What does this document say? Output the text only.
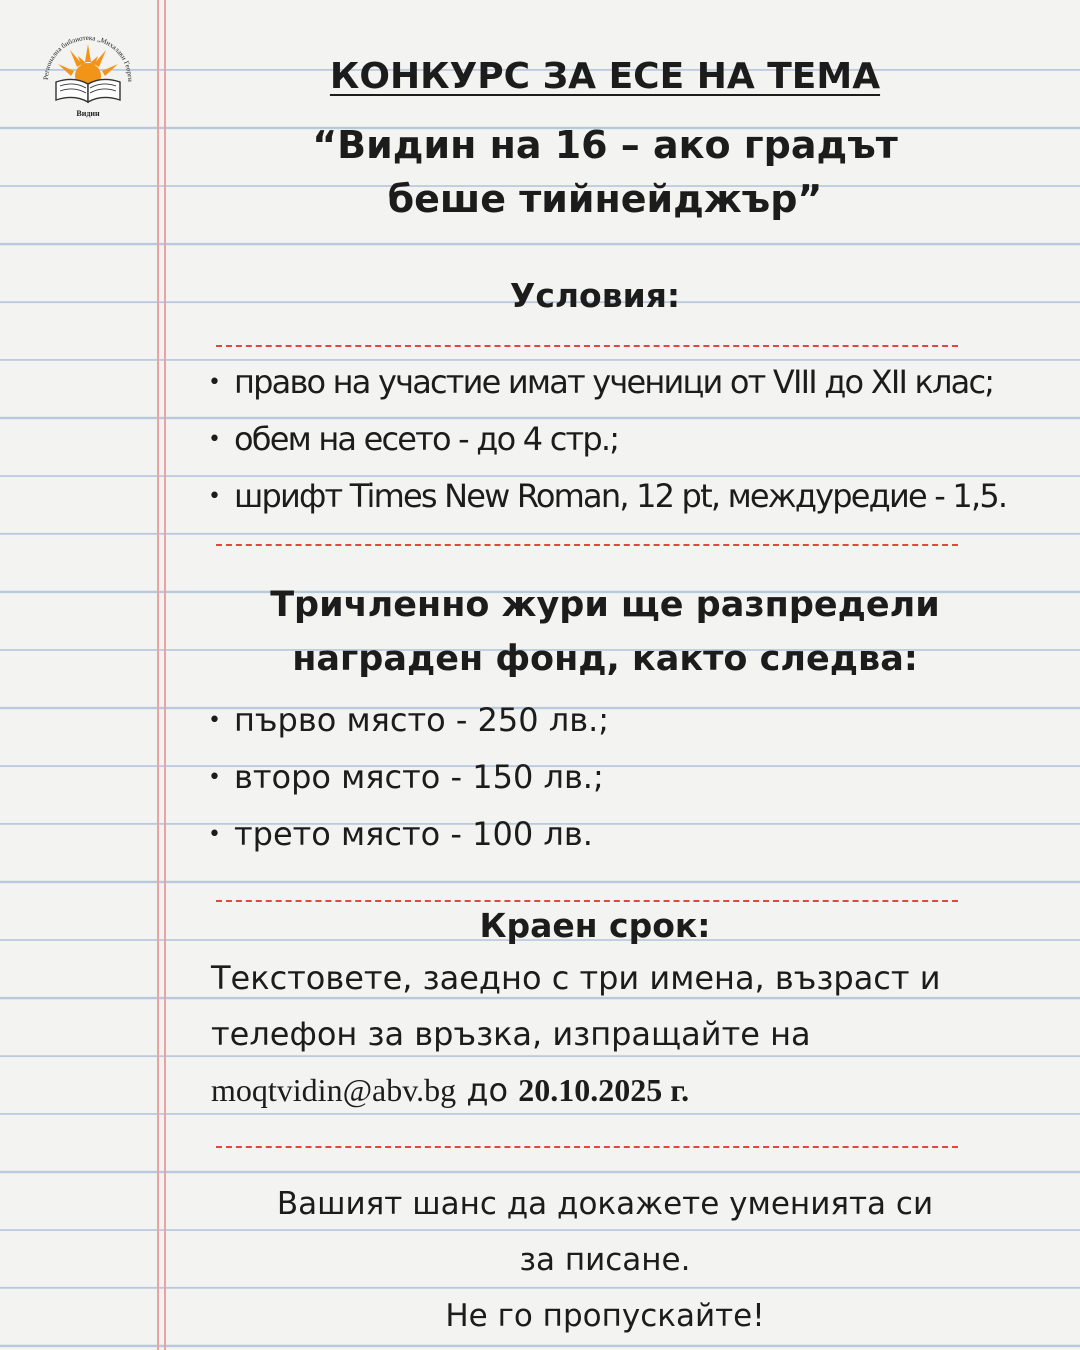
Регионална библиотека „Михалаки Георги
Видин
КОНКУРС ЗА ЕСЕ НА ТЕМА
“Видин на 16 – ако градът
беше тийнейджър”
Условия:
• право на участие имат ученици от VIII до XII клас;
• обем на есето - до 4 стр.;
• шрифт Times New Roman, 12 pt, междуредие - 1,5.
Тричленно жури ще разпредели
награден фонд, както следва:
• първо място - 250 лв.;
• второ място - 150 лв.;
• трето място - 100 лв.
Краен срок:
Текстовете, заедно с три имена, възраст и
телефон за връзка, изпращайте на
moqtvidin@abv.bg до 20.10.2025 г.
Вашият шанс да докажете уменията си
за писане.
Не го пропускайте!
